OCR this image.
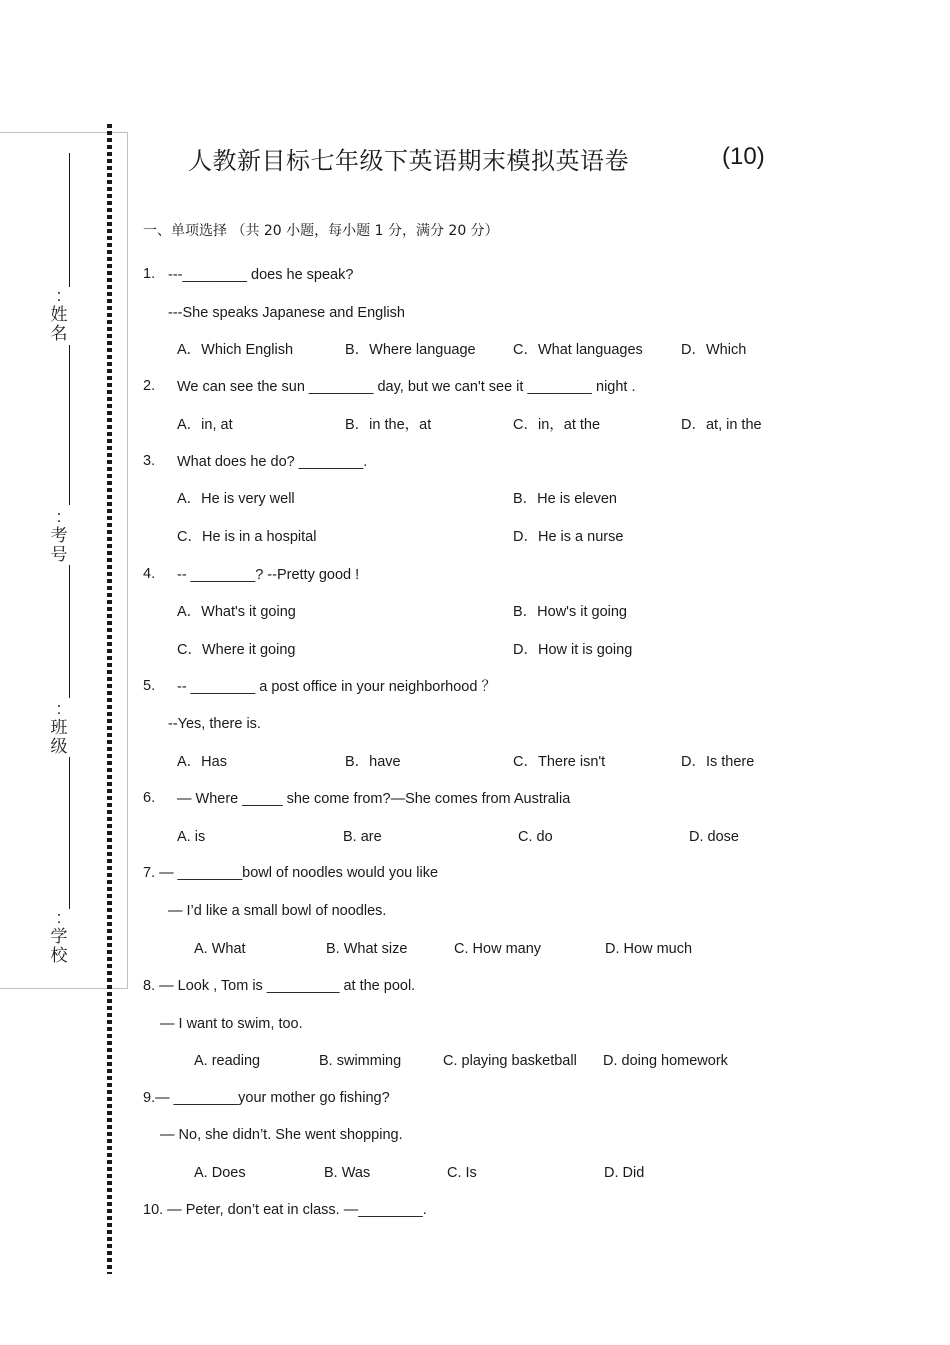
:
姓名
:
考号
:
班级
:
学校
人教新目标七年级下英语期末模拟英语卷	(10)
一、单项选择 （共 20 小题，每小题 1 分，满分 20 分）
1. ---________ does he speak?
---She speaks Japanese and English
A．Which English	B．Where language	C．What languages	D．Which
2. We can see the sun ________ day, but we can't see it ________ night .
A．in, at	B．in the，at	C．in，at the	D．at, in the
3. What does he do? ________.
A．He is very well	B．He is eleven
C．He is in a hospital	D．He is a nurse
4. -- ________? --Pretty good !
A．What's it going	B．How's it going
C．Where it going	D．How it is going
5. -- ________ a post office in your neighborhood ？
--Yes, there is.
A．Has	B．have	C．There isn't	D．Is there
6. — Where _____ she come from?—She comes from Australia
A. is	B. are	C. do	D. dose
7. — ________bowl of noodles would you like
— I’d like a small bowl of noodles.
A. What	B. What size	C. How many	D. How much
8. — Look , Tom is _________ at the pool.
— I want to swim, too.
A. reading	B. swimming	C. playing basketball D. doing homework
9.— ________your mother go fishing?
— No, she didn’t. She went shopping.
A. Does	B. Was	C. Is	D. Did
10. — Peter, don’t eat in class. —________.
